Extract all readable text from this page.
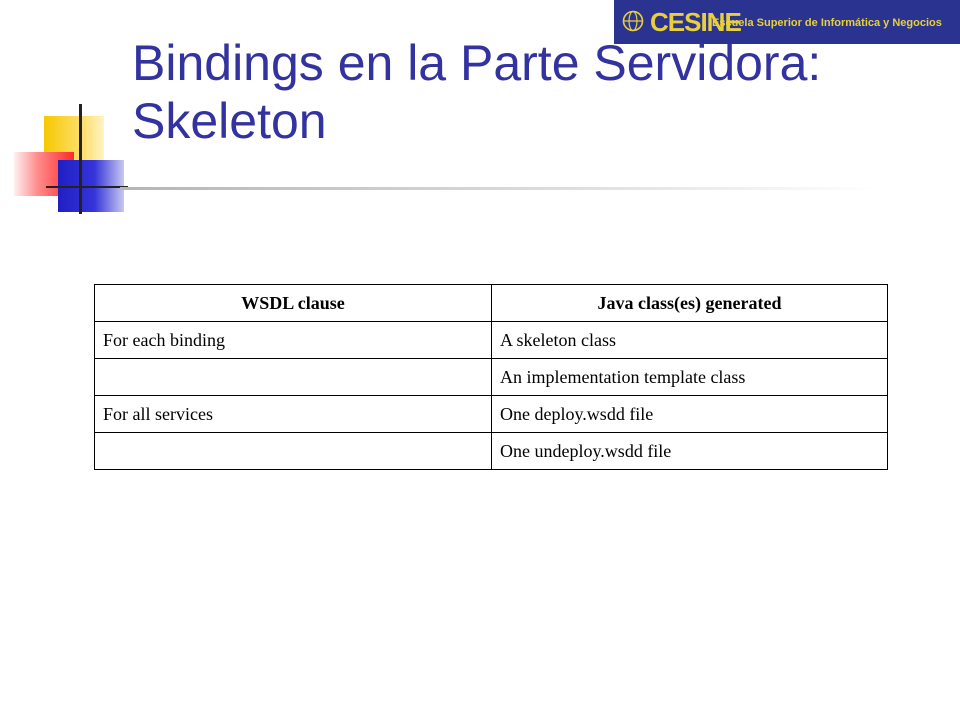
CESINE
Escuela Superior de Informática y Negocios
Bindings en la Parte Servidora:
Skeleton
WSDL clause	Java class(es) generated
For each binding	A skeleton class
	An implementation template class
For all services	One deploy.wsdd file
	One undeploy.wsdd file
